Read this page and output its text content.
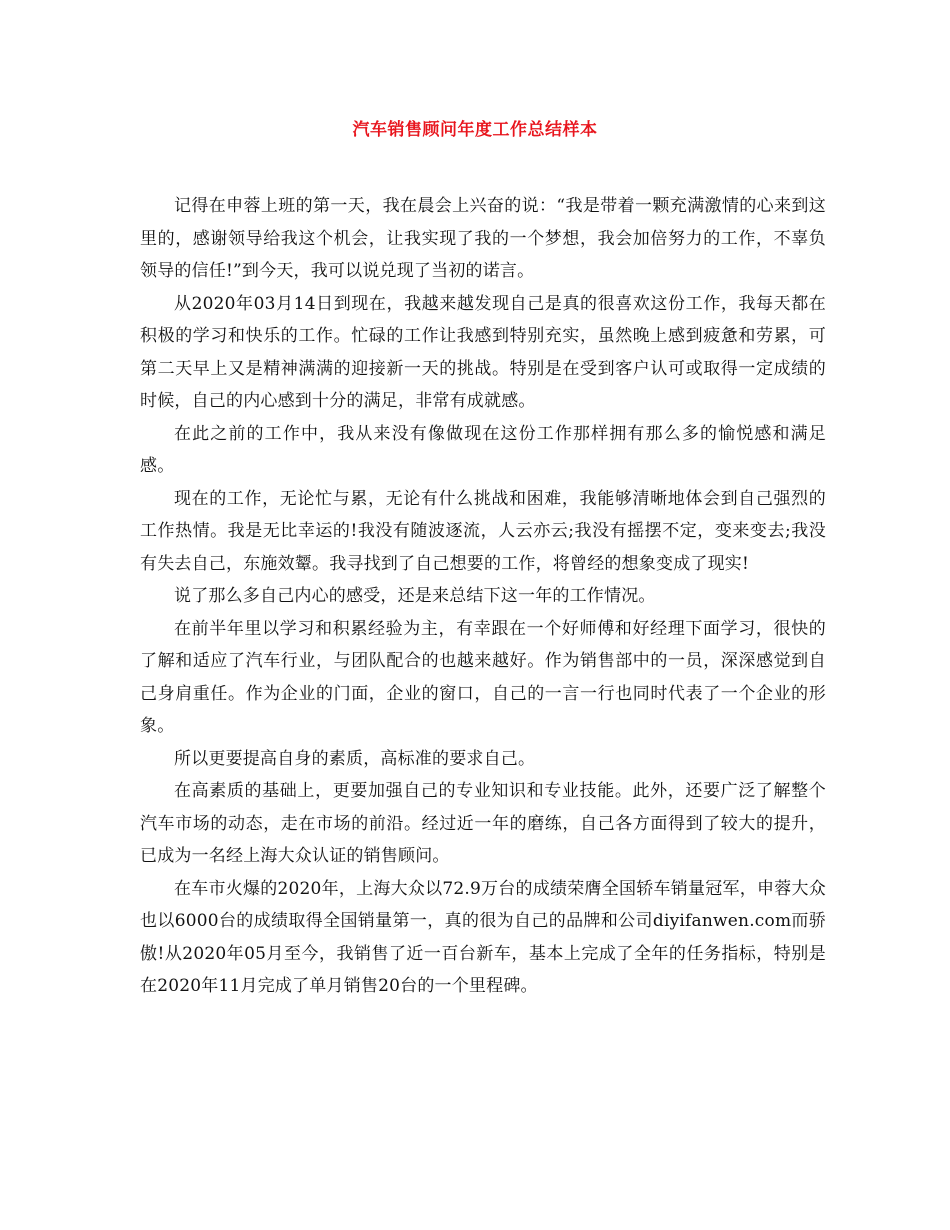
汽车销售顾问年度工作总结样本

记得在申蓉上班的第一天，我在晨会上兴奋的说：“我是带着一颗充满激情的心来到这里的，感谢领导给我这个机会，让我实现了我的一个梦想，我会加倍努力的工作，不辜负领导的信任!”到今天，我可以说兑现了当初的诺言。

从2020年03月14日到现在，我越来越发现自己是真的很喜欢这份工作，我每天都在积极的学习和快乐的工作。忙碌的工作让我感到特别充实，虽然晚上感到疲惫和劳累，可第二天早上又是精神满满的迎接新一天的挑战。特别是在受到客户认可或取得一定成绩的时候，自己的内心感到十分的满足，非常有成就感。

在此之前的工作中，我从来没有像做现在这份工作那样拥有那么多的愉悦感和满足感。

现在的工作，无论忙与累，无论有什么挑战和困难，我能够清晰地体会到自己强烈的工作热情。我是无比幸运的!我没有随波逐流，人云亦云;我没有摇摆不定，变来变去;我没有失去自己，东施效颦。我寻找到了自己想要的工作，将曾经的想象变成了现实!

说了那么多自己内心的感受，还是来总结下这一年的工作情况。

在前半年里以学习和积累经验为主，有幸跟在一个好师傅和好经理下面学习，很快的了解和适应了汽车行业，与团队配合的也越来越好。作为销售部中的一员，深深感觉到自己身肩重任。作为企业的门面，企业的窗口，自己的一言一行也同时代表了一个企业的形象。

所以更要提高自身的素质，高标准的要求自己。

在高素质的基础上，更要加强自己的专业知识和专业技能。此外，还要广泛了解整个汽车市场的动态，走在市场的前沿。经过近一年的磨练，自己各方面得到了较大的提升，已成为一名经上海大众认证的销售顾问。

在车市火爆的2020年，上海大众以72.9万台的成绩荣膺全国轿车销量冠军，申蓉大众也以6000台的成绩取得全国销量第一，真的很为自己的品牌和公司diyifanwen.com而骄傲!从2020年05月至今，我销售了近一百台新车，基本上完成了全年的任务指标，特别是在2020年11月完成了单月销售20台的一个里程碑。
